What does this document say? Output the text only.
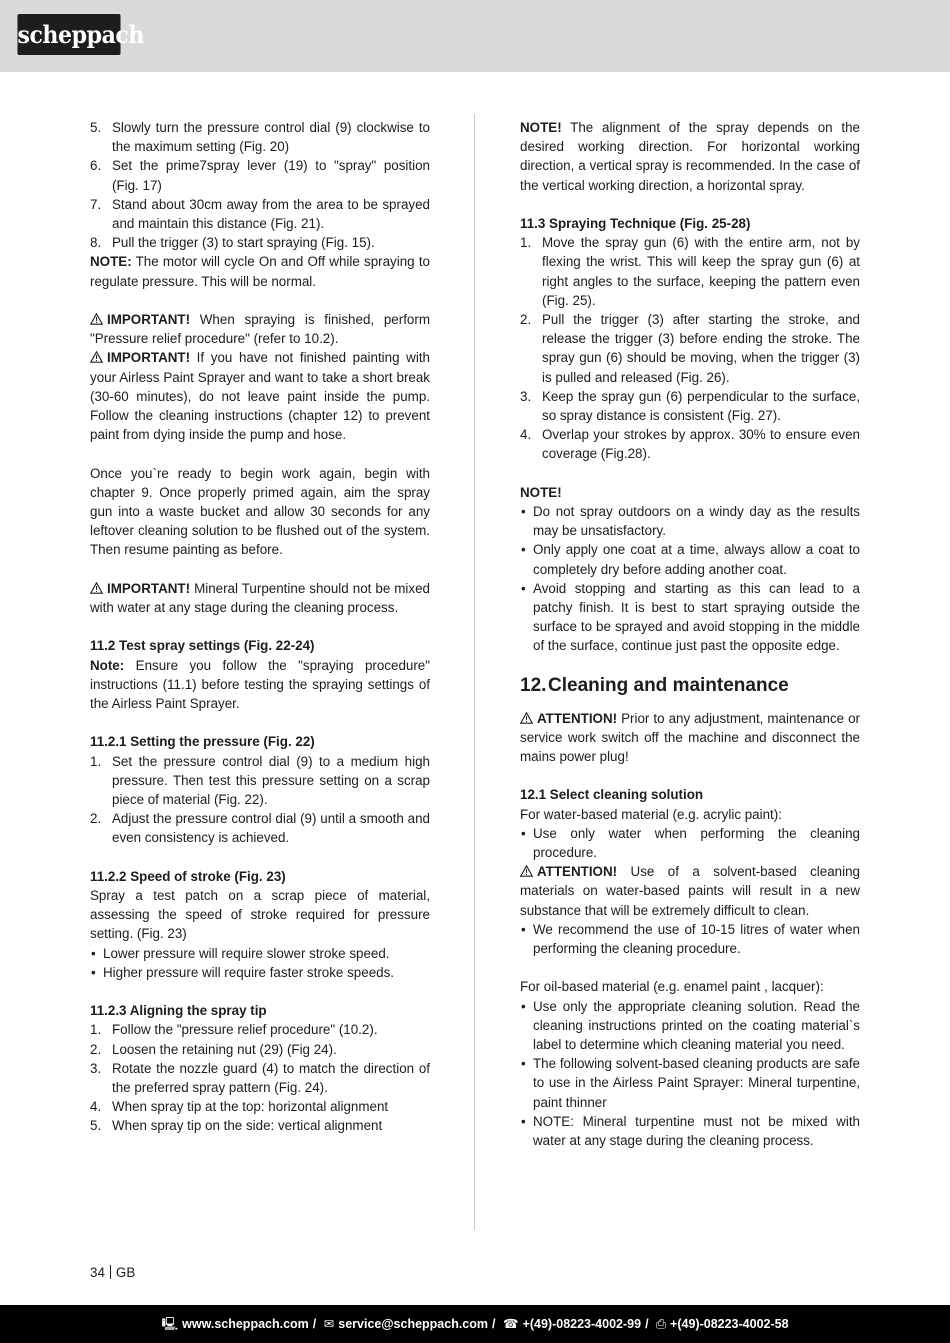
scheppach
5. Slowly turn the pressure control dial (9) clockwise to the maximum setting (Fig. 20)
6. Set the prime7spray lever (19) to "spray" position (Fig. 17)
7. Stand about 30cm away from the area to be sprayed and maintain this distance (Fig. 21).
8. Pull the trigger (3) to start spraying (Fig. 15).

NOTE: The motor will cycle On and Off while spraying to regulate pressure. This will be normal.

IMPORTANT! When spraying is finished, perform "Pressure relief procedure" (refer to 10.2).

IMPORTANT! If you have not finished painting with your Airless Paint Sprayer and want to take a short break (30-60 minutes), do not leave paint inside the pump. Follow the cleaning instructions (chapter 12) to prevent paint from dying inside the pump and hose.

Once you`re ready to begin work again, begin with chapter 9. Once properly primed again, aim the spray gun into a waste bucket and allow 30 seconds for any leftover cleaning solution to be flushed out of the system. Then resume painting as before.

IMPORTANT! Mineral Turpentine should not be mixed with water at any stage during the cleaning process.

11.2 Test spray settings (Fig. 22-24)

Note: Ensure you follow the "spraying procedure" instructions (11.1) before testing the spraying settings of the Airless Paint Sprayer.

11.2.1 Setting the pressure (Fig. 22)
1. Set the pressure control dial (9) to a medium high pressure. Then test this pressure setting on a scrap piece of material (Fig. 22).
2. Adjust the pressure control dial (9) until a smooth and even consistency is achieved.
11.2.2 Speed of stroke (Fig. 23)

Spray a test patch on a scrap piece of material, assessing the speed of stroke required for pressure setting. (Fig. 23)

• Lower pressure will require slower stroke speed.
• Higher pressure will require faster stroke speeds.
11.2.3 Aligning the spray tip
1. Follow the "pressure relief procedure" (10.2).
2. Loosen the retaining nut (29) (Fig 24).
3. Rotate the nozzle guard (4) to match the direction of the preferred spray pattern (Fig. 24).
4. When spray tip at the top: horizontal alignment
5. When spray tip on the side: vertical alignment

NOTE! The alignment of the spray depends on the desired working direction. For horizontal working direction, a vertical spray is recommended. In the case of the vertical working direction, a horizontal spray.

11.3 Spraying Technique (Fig. 25-28)
1. Move the spray gun (6) with the entire arm, not by flexing the wrist. This will keep the spray gun (6) at right angles to the surface, keeping the pattern even (Fig. 25).
2. Pull the trigger (3) after starting the stroke, and release the trigger (3) before ending the stroke. The spray gun (6) should be moving, when the trigger (3) is pulled and released (Fig. 26).
3. Keep the spray gun (6) perpendicular to the surface, so spray distance is consistent (Fig. 27).
4. Overlap your strokes by approx. 30% to ensure even coverage (Fig.28).
NOTE!
• Do not spray outdoors on a windy day as the results may be unsatisfactory.
• Only apply one coat at a time, always allow a coat to completely dry before adding another coat.
• Avoid stopping and starting as this can lead to a patchy finish. It is best to start spraying outside the surface to be sprayed and avoid stopping in the middle of the surface, continue just past the opposite edge.
12.Cleaning and maintenance

ATTENTION! Prior to any adjustment, maintenance or service work switch off the machine and disconnect the mains power plug!

12.1 Select cleaning solution

For water-based material (e.g. acrylic paint):

• Use only water when performing the cleaning procedure.

ATTENTION! Use of a solvent-based cleaning materials on water-based paints will result in a new substance that will be extremely difficult to clean.

• We recommend the use of 10-15 litres of water when performing the cleaning procedure.

For oil-based material (e.g. enamel paint , lacquer):

• Use only the appropriate cleaning solution. Read the cleaning instructions printed on the coating material`s label to determine which cleaning material you need.
• The following solvent-based cleaning products are safe to use in the Airless Paint Sprayer: Mineral turpentine, paint thinner
• NOTE: Mineral turpentine must not be mixed with water at any stage during the cleaning process.
34 GB
🖳 www.scheppach.com / ✉ service@scheppach.com / ☎ +(49)-08223-4002-99 / ⎙ +(49)-08223-4002-58
